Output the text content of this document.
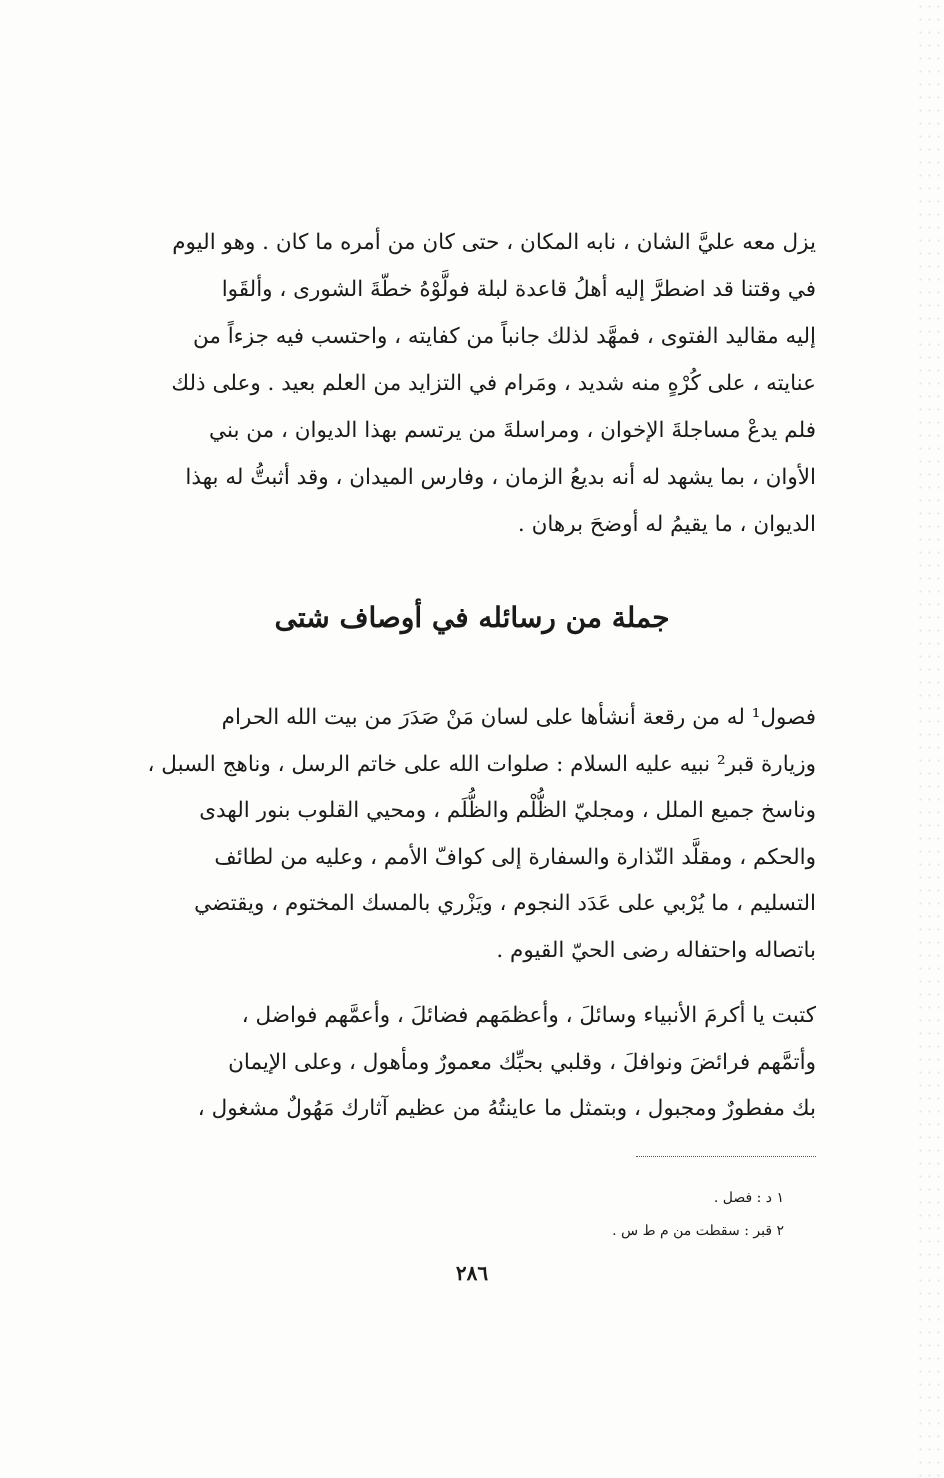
يزل معه عليَّ الشان ، نابه المكان ، حتى كان من أمره ما كان . وهو اليوم
في وقتنا قد اضطرَّ إليه أهلُ قاعدة لبلة فولَّوْهُ خطّةَ الشورى ، وألقَوا
إليه مقاليد الفتوى ، فمهَّد لذلك جانباً من كفايته ، واحتسب فيه جزءاً من
عنايته ، على كُرْهٍ منه شديد ، ومَرام في التزايد من العلم بعيد . وعلى ذلك
فلم يدعْ مساجلةَ الإخوان ، ومراسلةَ من يرتسم بهذا الديوان ، من بني
الأوان ، بما يشهد له أنه بديعُ الزمان ، وفارس الميدان ، وقد أثبتُّ له بهذا
الديوان ، ما يقيمُ له أوضحَ برهان .
جملة من رسائله في أوصاف شتى
فصول¹ له من رقعة أنشأها على لسان مَنْ صَدَرَ من بيت الله الحرام
وزيارة قبر² نبيه عليه السلام : صلوات الله على خاتم الرسل ، وناهج السبل ،
وناسخ جميع الملل ، ومجليّ الظُّلْم والظُّلَم ، ومحيي القلوب بنور الهدى
والحكم ، ومقلَّد النّذارة والسفارة إلى كوافّ الأمم ، وعليه من لطائف
التسليم ، ما يُرْبي على عَدَد النجوم ، ويَزْري بالمسك المختوم ، ويقتضي
باتصاله واحتفاله رضى الحيّ القيوم .
كتبت يا أكرمَ الأنبياء وسائلَ ، وأعظمَهم فضائلَ ، وأعمَّهم فواضل ،
وأتمَّهم فرائضَ ونوافلَ ، وقلبي بحبِّك معمورٌ ومأهول ، وعلى الإيمان
بك مفطورٌ ومجبول ، وبتمثل ما عاينتُهُ من عظيم آثارك مَهُولٌ مشغول ،
١ د : فصل .
٢ قبر : سقطت من م ط س .
٢٨٦
